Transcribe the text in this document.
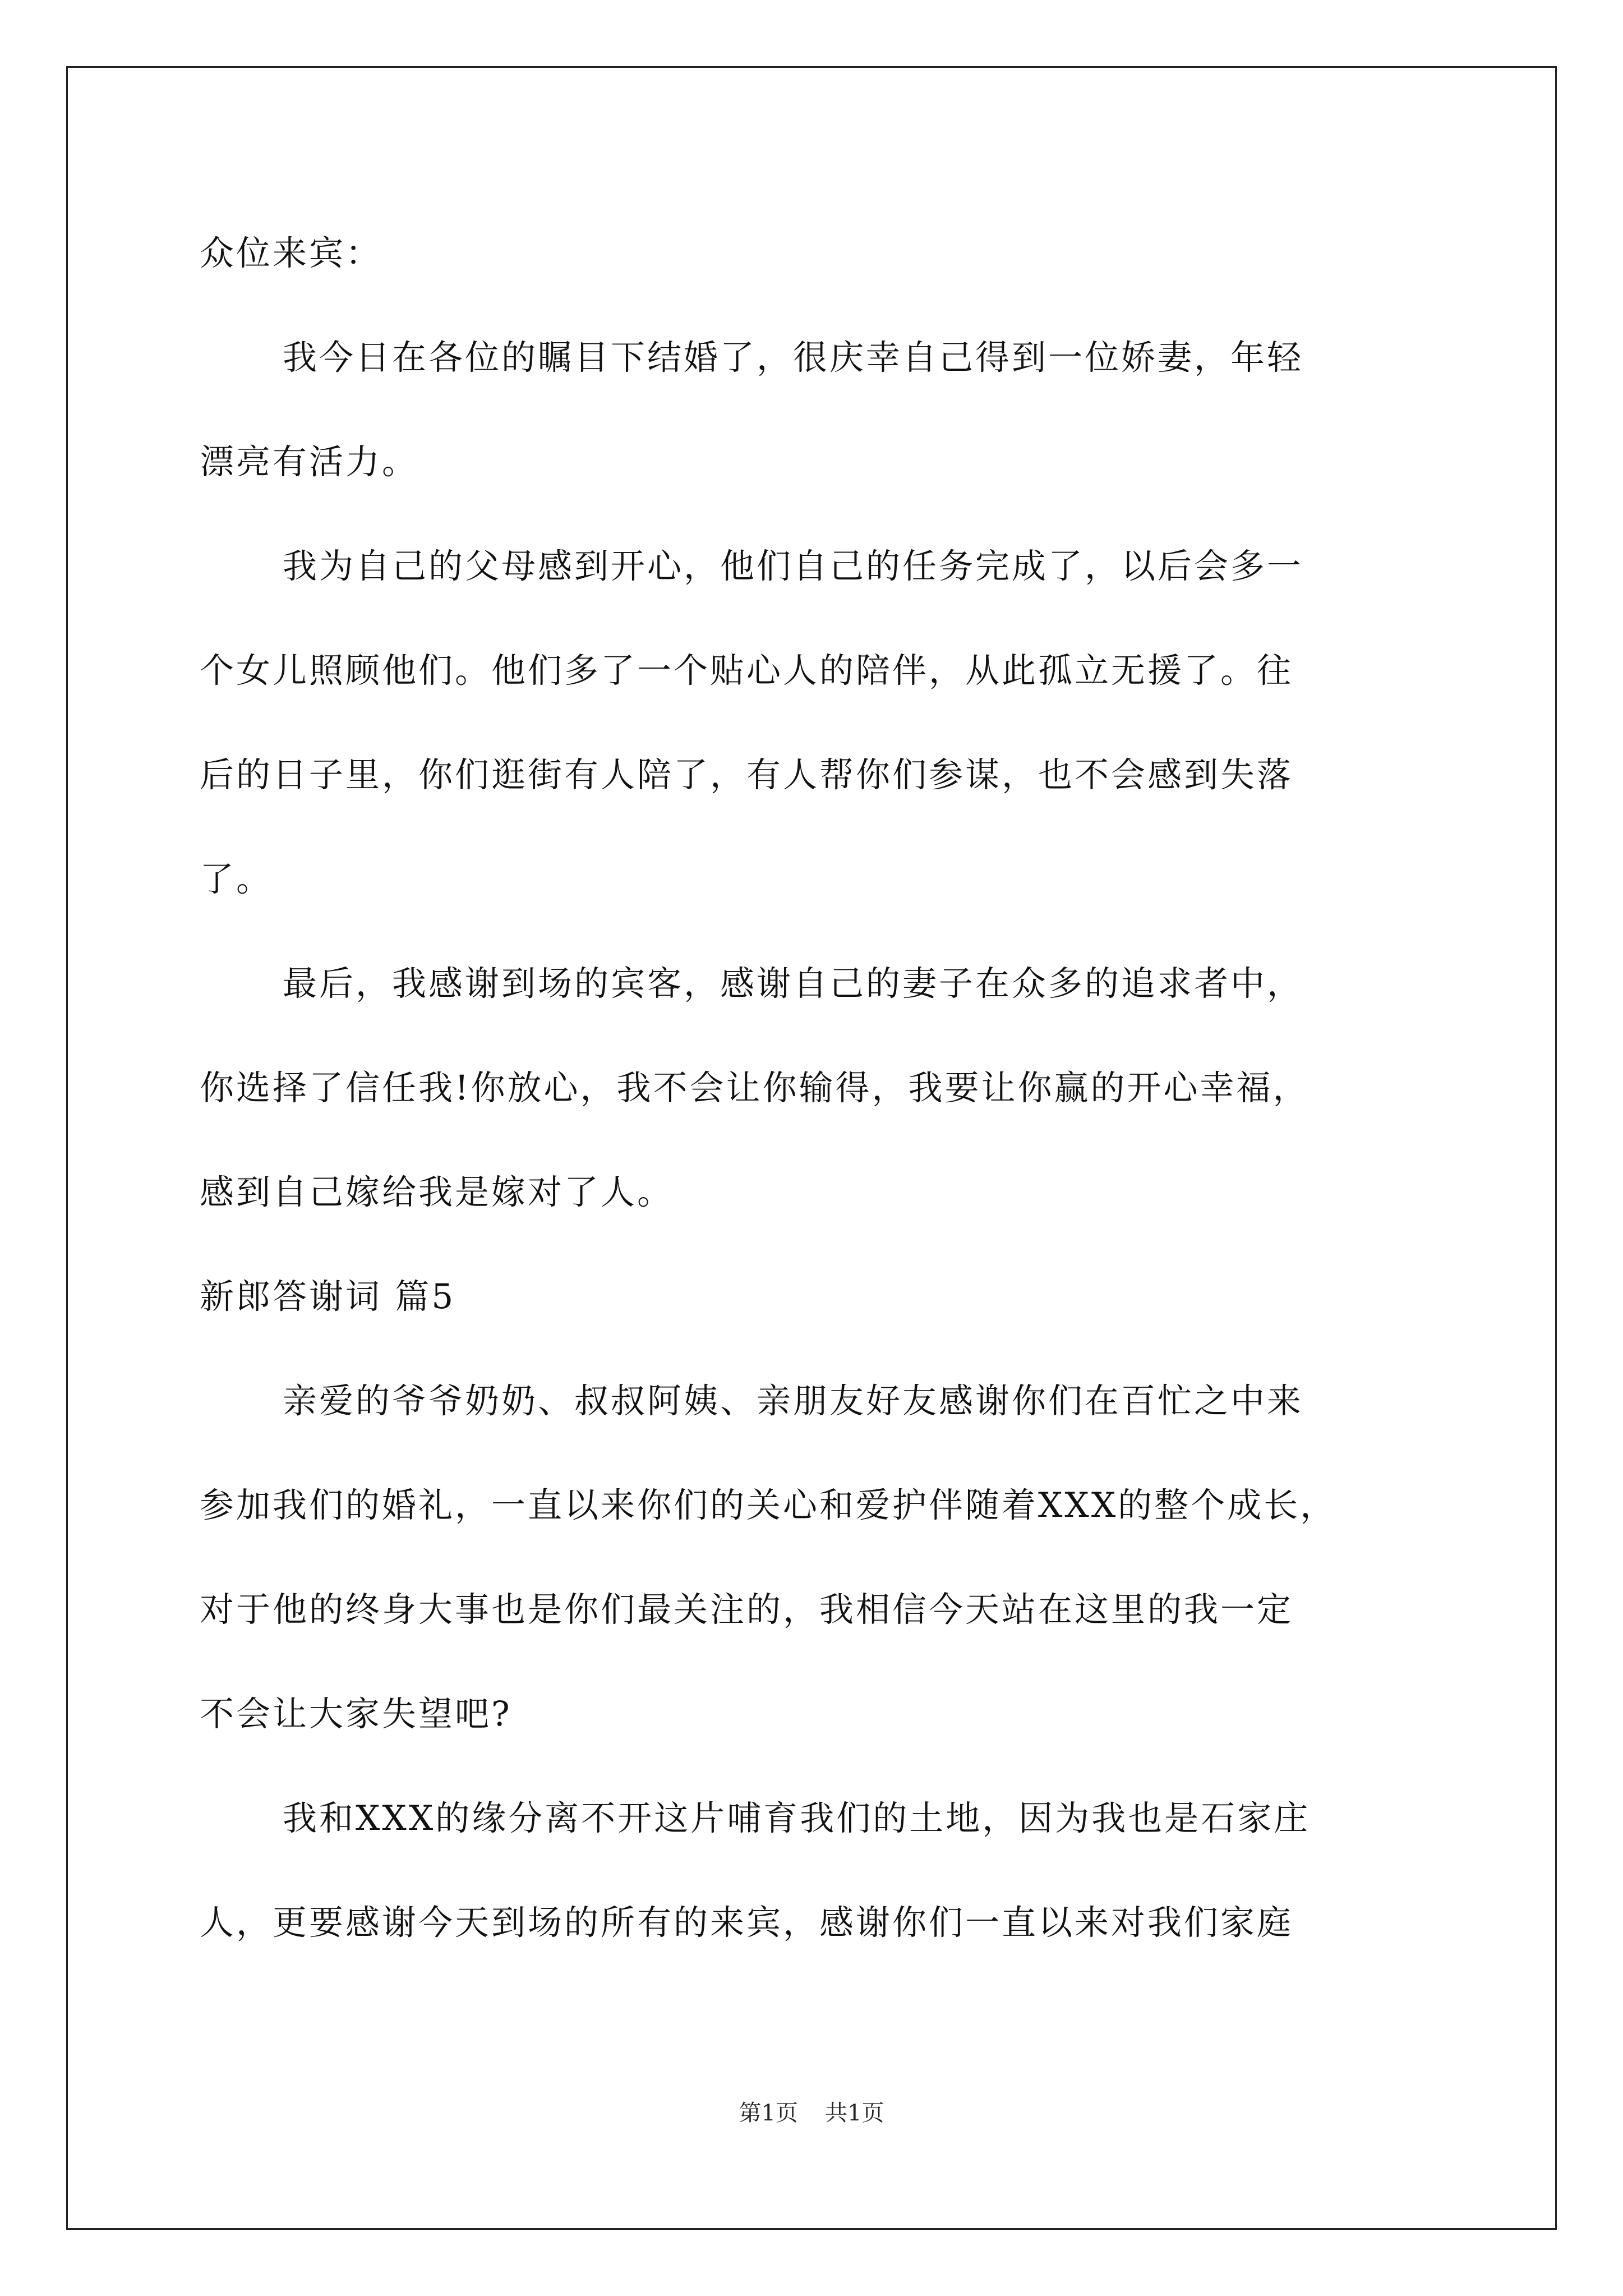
众位来宾：
我今日在各位的瞩目下结婚了，很庆幸自己得到一位娇妻，年轻
漂亮有活力。
我为自己的父母感到开心，他们自己的任务完成了，以后会多一
个女儿照顾他们。他们多了一个贴心人的陪伴，从此孤立无援了。往
后的日子里，你们逛街有人陪了，有人帮你们参谋，也不会感到失落
了。
最后，我感谢到场的宾客，感谢自己的妻子在众多的追求者中，
你选择了信任我!你放心，我不会让你输得，我要让你赢的开心幸福，
感到自己嫁给我是嫁对了人。
新郎答谢词 篇5
亲爱的爷爷奶奶、叔叔阿姨、亲朋友好友感谢你们在百忙之中来
参加我们的婚礼，一直以来你们的关心和爱护伴随着XXX的整个成长，
对于他的终身大事也是你们最关注的，我相信今天站在这里的我一定
不会让大家失望吧?
我和XXX的缘分离不开这片哺育我们的土地，因为我也是石家庄
人，更要感谢今天到场的所有的来宾，感谢你们一直以来对我们家庭
第1页 共1页
